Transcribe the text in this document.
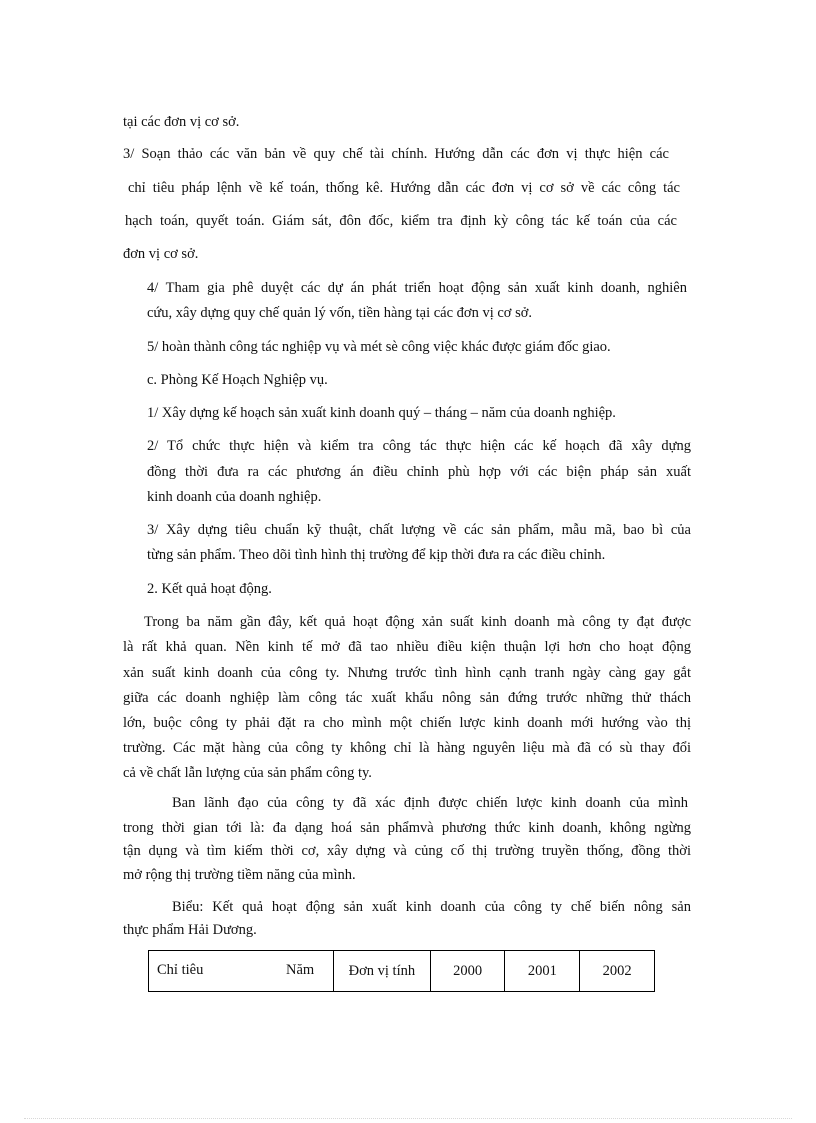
tại các đơn vị cơ sở.
3/ Soạn thảo các văn bản về quy chế tài chính. Hướng dẫn các đơn vị thực hiện các
chỉ tiêu pháp lệnh về kế toán, thống kê. Hướng dẫn các đơn vị cơ sở về các công tác
hạch toán, quyết toán. Giám sát, đôn đốc, kiểm tra định kỳ công tác kế toán của các
đơn vị cơ sở.
4/ Tham gia phê duyệt các dự án phát triển hoạt động sản xuất kinh doanh, nghiên
cứu, xây dựng quy chế quản lý vốn, tiền hàng tại các đơn vị cơ sở.
5/ hoàn thành công tác nghiệp vụ và mét sè công việc khác được giám đốc giao.
c. Phòng Kế Hoạch Nghiệp vụ.
1/ Xây dựng kế hoạch sản xuất kinh doanh quý – tháng – năm của doanh nghiệp.
2/ Tổ chức thực hiện và kiểm tra công tác thực hiện các kế hoạch đã xây dựng
đồng thời đưa ra các phương án điều chỉnh phù hợp với các biện pháp sản xuất
kinh doanh của doanh nghiệp.
3/ Xây dựng tiêu chuẩn kỹ thuật, chất lượng về các sản phẩm, mẫu mã, bao bì của
từng sản phẩm. Theo dõi tình hình thị trường để kịp thời đưa ra các điều chỉnh.
2. Kết quả hoạt động.
Trong ba năm gần đây, kết quả hoạt động xản suất kinh doanh mà công ty đạt được
là rất khả quan. Nền kinh tế mở đã tao nhiều điều kiện thuận lợi hơn cho hoạt động
xản suất kinh doanh của công ty. Nhưng trước tình hình cạnh tranh ngày càng gay gắt
giữa các doanh nghiệp làm công tác xuất khẩu nông sản đứng trước những thử thách
lớn, buộc công ty phải đặt ra cho mình một chiến lược kinh doanh mới hướng vào thị
trường. Các mặt hàng của công ty không chỉ là hàng nguyên liệu mà đã có sù thay đổi
cả về chất lẫn lượng của sản phẩm công ty.
Ban lãnh đạo của công ty đã xác định được chiến lược kinh doanh của mình
trong thời gian tới là: đa dạng hoá sản phẩmvà phương thức kinh doanh, không ngừng
tận dụng và tìm kiếm thời cơ, xây dựng và củng cố thị trường truyền thống, đồng thời
mở rộng thị trường tiềm năng của mình.
Biểu: Kết quả hoạt động sản xuất kinh doanh của công ty chế biến nông sản
thực phẩm Hải Dương.
Chỉ tiêu	Năm	Đơn vị tính	2000	2001	2002
